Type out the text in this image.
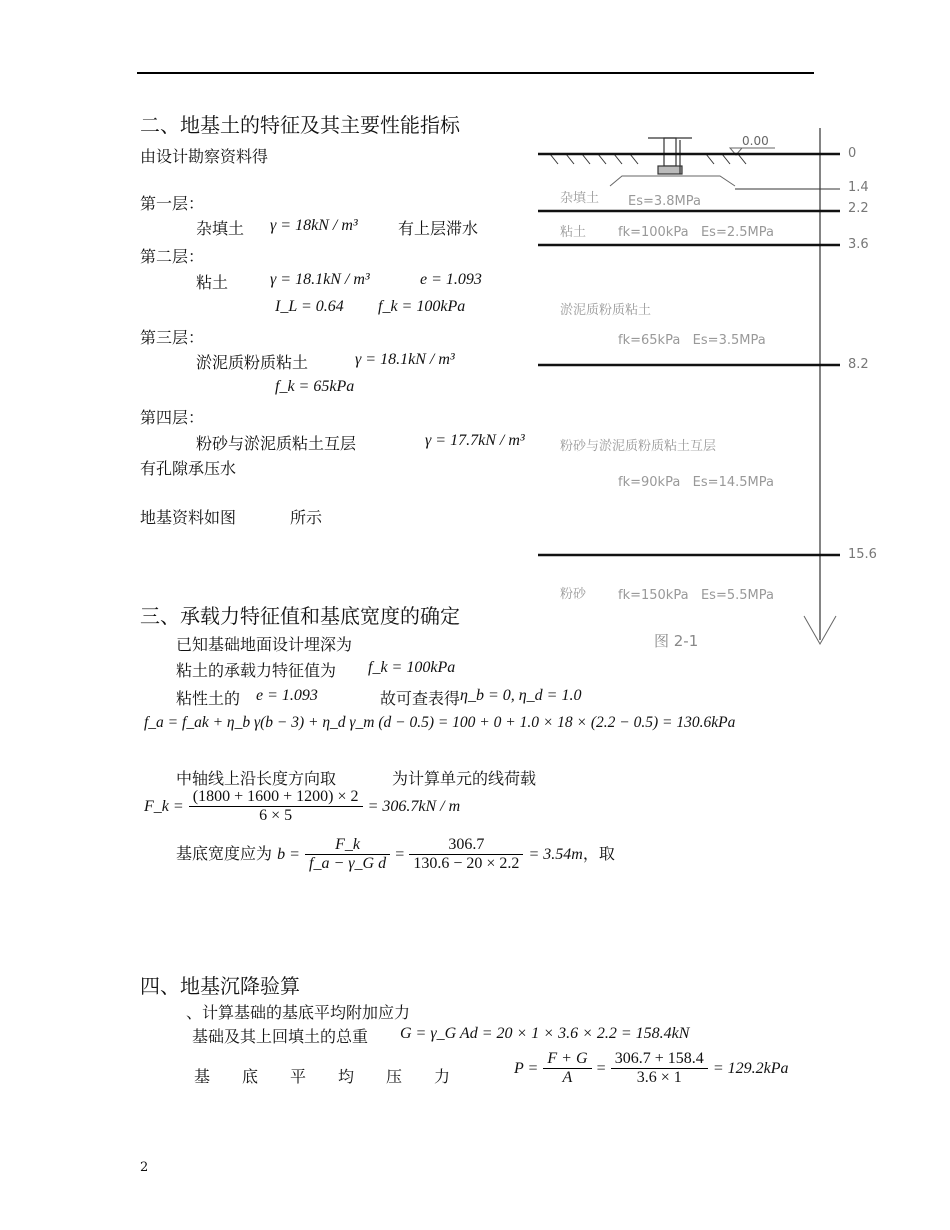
二、地基土的特征及其主要性能指标
由设计勘察资料得
第一层：
杂填土 γ = 18kN / m³	有上层滞水
第二层：
粘土	γ = 18.1kN / m³	e = 1.093
I_L = 0.64 f_k = 100kPa
第三层：
淤泥质粉质粘土	γ = 18.1kN / m³
f_k = 65kPa
第四层：
粉砂与淤泥质粘土互层	γ = 17.7kN / m³
有孔隙承压水
地基资料如图	所示
0.00
0
1.4
2.2
3.6
8.2
15.6
杂填土 Es=3.8MPa
粘土 fk=100kPa   Es=2.5MPa
淤泥质粉质粘土
fk=65kPa   Es=3.5MPa
粉砂与淤泥质粉质粘土互层
fk=90kPa   Es=14.5MPa
粉砂 fk=150kPa   Es=5.5MPa
图 2-1
三、承载力特征值和基底宽度的确定
已知基础地面设计埋深为
粘土的承载力特征值为 f_k = 100kPa
粘性土的 e = 1.093	故可查表得 η_b = 0, η_d = 1.0
f_a = f_ak + η_b γ(b − 3) + η_d γ_m (d − 0.5) = 100 + 0 + 1.0 × 18 × (2.2 − 0.5) = 130.6kPa
中轴线上沿长度方向取	为计算单元的线荷载
F_k = $\frac{(1800 + 1600 + 1200) \times 2}{6 \times 5} = 306.7kN / m$
基底宽度应为 $b = \frac{F\_k}{\text{f\_a − γ\_G d}} = \frac{306.7}{130.6 - 20 \times 2.2} = 3.54m$，取
四、地基沉降验算
、计算基础的基底平均附加应力
基础及其上回填土的总重 G = γ_G Ad = 20 × 1 × 3.6 × 2.2 = 158.4kN
基　　底　　平　　均　　压　　力	$P = \frac{F + G}{A} = \frac{306.7 + 158.4}{3.6 \times 1} = 129.2kPa$
2
